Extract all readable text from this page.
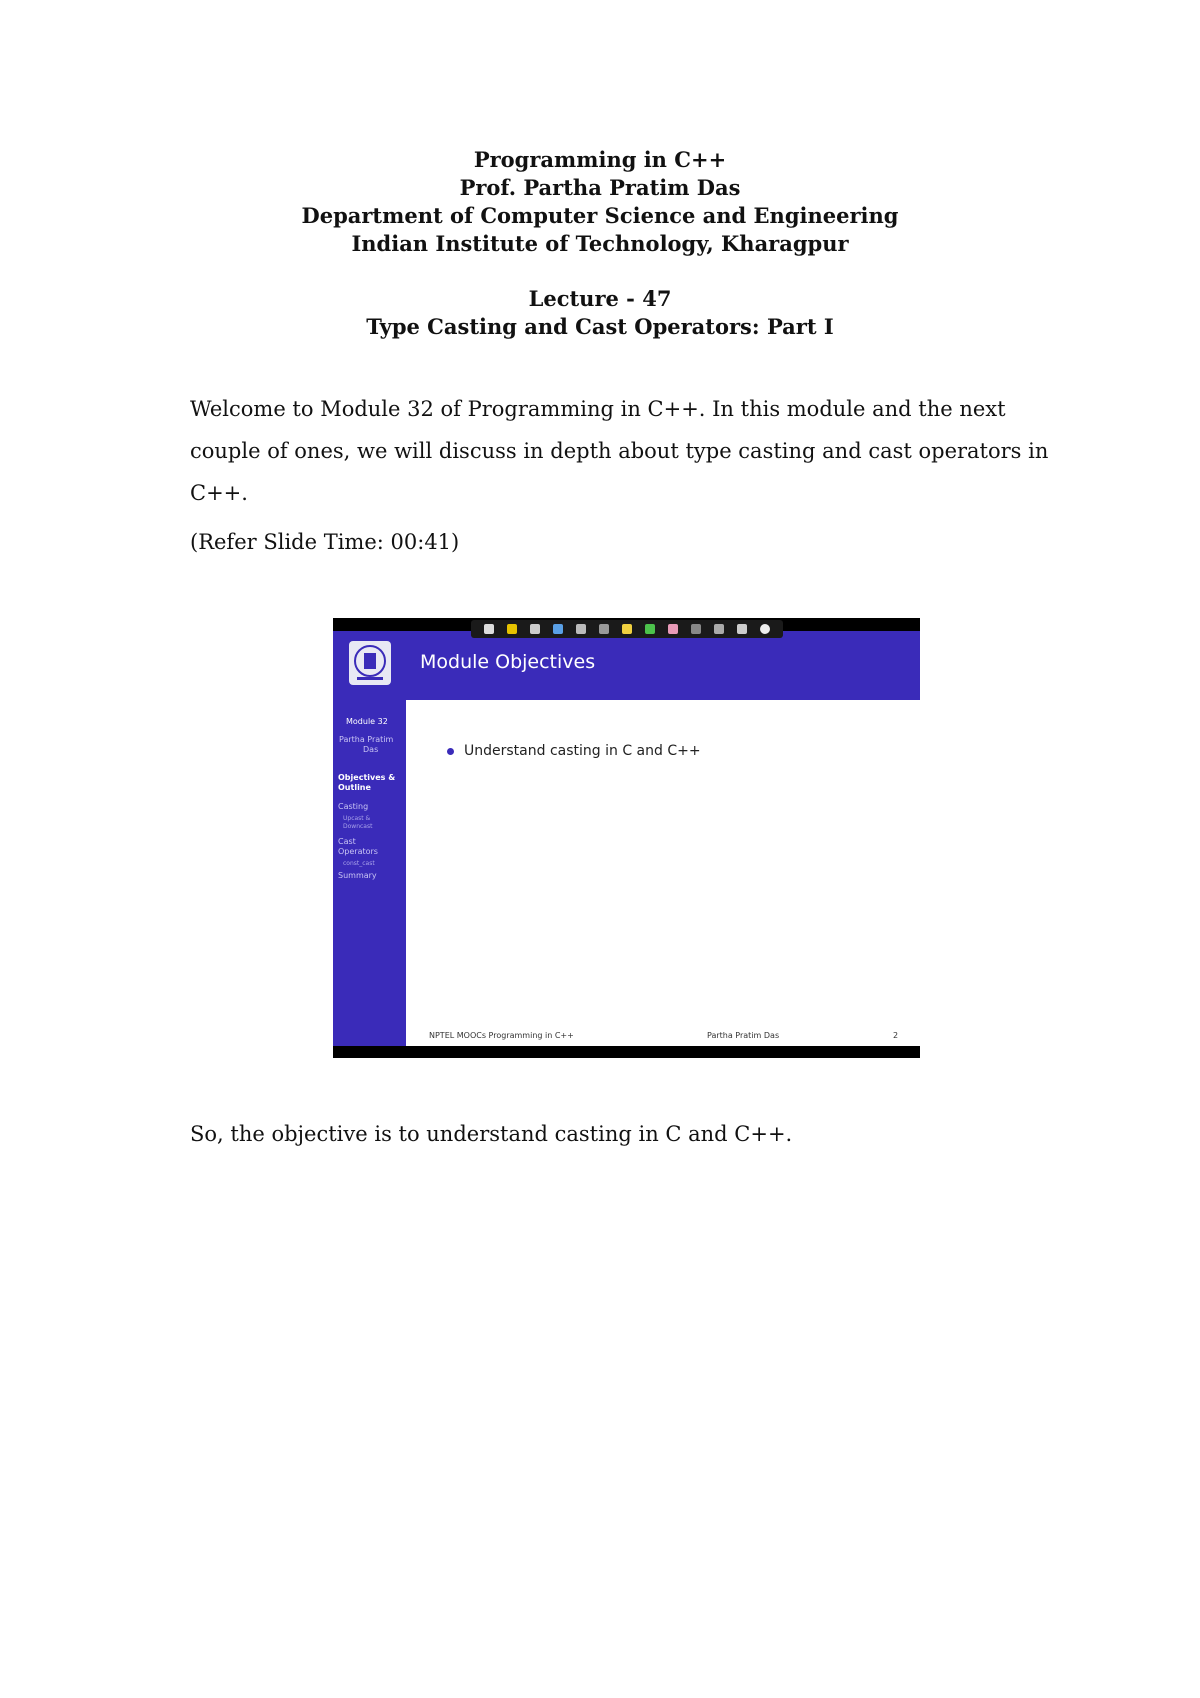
Programming in C++
Prof. Partha Pratim Das
Department of Computer Science and Engineering
Indian Institute of Technology, Kharagpur
Lecture - 47
Type Casting and Cast Operators: Part I
Welcome to Module 32 of Programming in C++. In this module and the next couple of ones, we will discuss in depth about type casting and cast operators in C++.
(Refer Slide Time: 00:41)
Module 32
Partha Pratim
Das
Objectives &
Outline
Casting
Upcast &
Downcast
Cast
Operators
const_cast
Summary
Module Objectives
Understand casting in C and C++
NPTEL MOOCs Programming in C++	Partha Pratim Das	2
So, the objective is to understand casting in C and C++.
